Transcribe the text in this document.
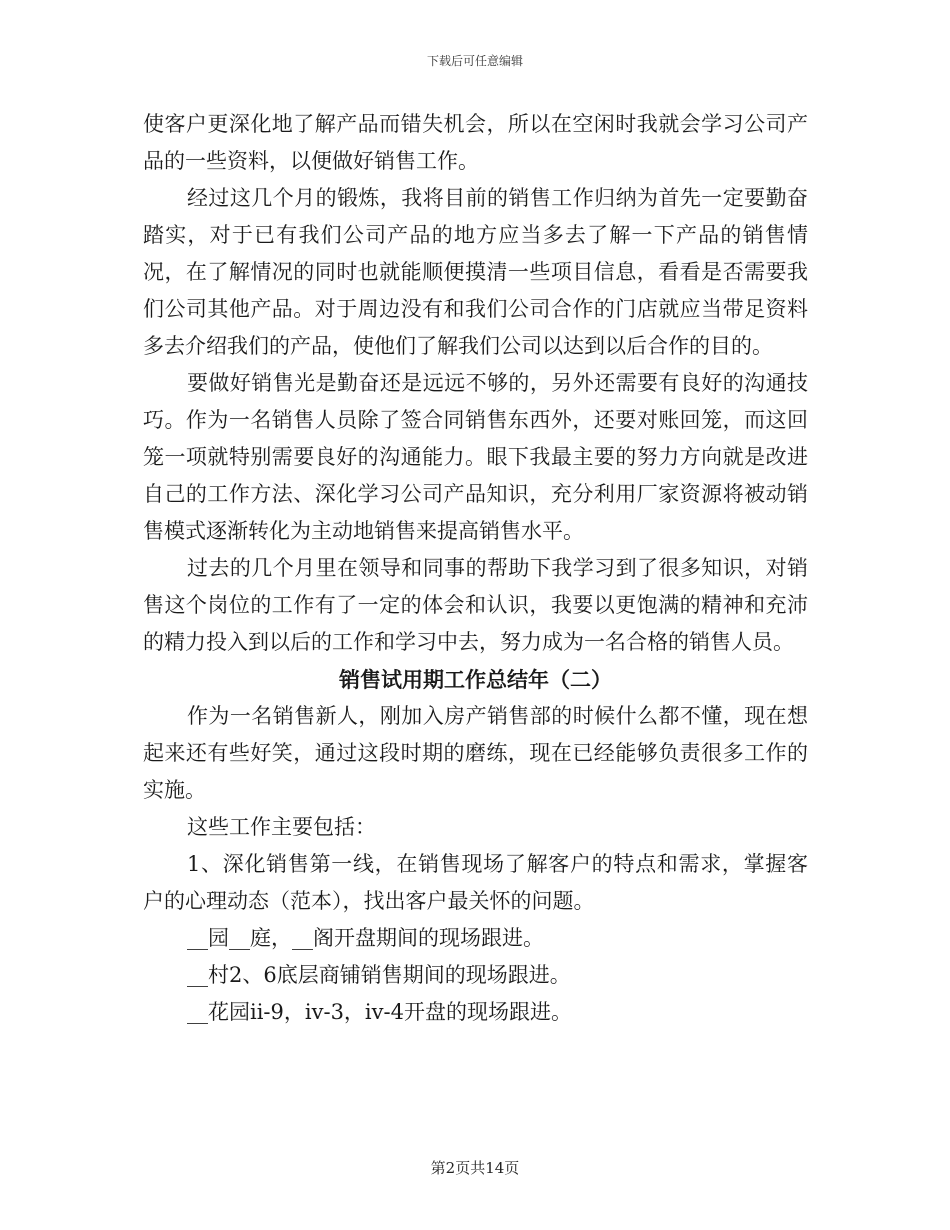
下载后可任意编辑

使客户更深化地了解产品而错失机会，所以在空闲时我就会学习公司产品的一些资料，以便做好销售工作。

经过这几个月的锻炼，我将目前的销售工作归纳为首先一定要勤奋踏实，对于已有我们公司产品的地方应当多去了解一下产品的销售情况，在了解情况的同时也就能顺便摸清一些项目信息，看看是否需要我们公司其他产品。对于周边没有和我们公司合作的门店就应当带足资料多去介绍我们的产品，使他们了解我们公司以达到以后合作的目的。

要做好销售光是勤奋还是远远不够的，另外还需要有良好的沟通技巧。作为一名销售人员除了签合同销售东西外，还要对账回笼，而这回笼一项就特别需要良好的沟通能力。眼下我最主要的努力方向就是改进自己的工作方法、深化学习公司产品知识，充分利用厂家资源将被动销售模式逐渐转化为主动地销售来提高销售水平。

过去的几个月里在领导和同事的帮助下我学习到了很多知识，对销售这个岗位的工作有了一定的体会和认识，我要以更饱满的精神和充沛的精力投入到以后的工作和学习中去，努力成为一名合格的销售人员。

销售试用期工作总结年（二）

作为一名销售新人，刚加入房产销售部的时候什么都不懂，现在想起来还有些好笑，通过这段时期的磨练，现在已经能够负责很多工作的实施。

这些工作主要包括：

1、深化销售第一线，在销售现场了解客户的特点和需求，掌握客户的心理动态（范本），找出客户最关怀的问题。

__园__庭，__阁开盘期间的现场跟进。

__村2、6底层商铺销售期间的现场跟进。

__花园ii-9，iv-3，iv-4开盘的现场跟进。

第2页共14页
